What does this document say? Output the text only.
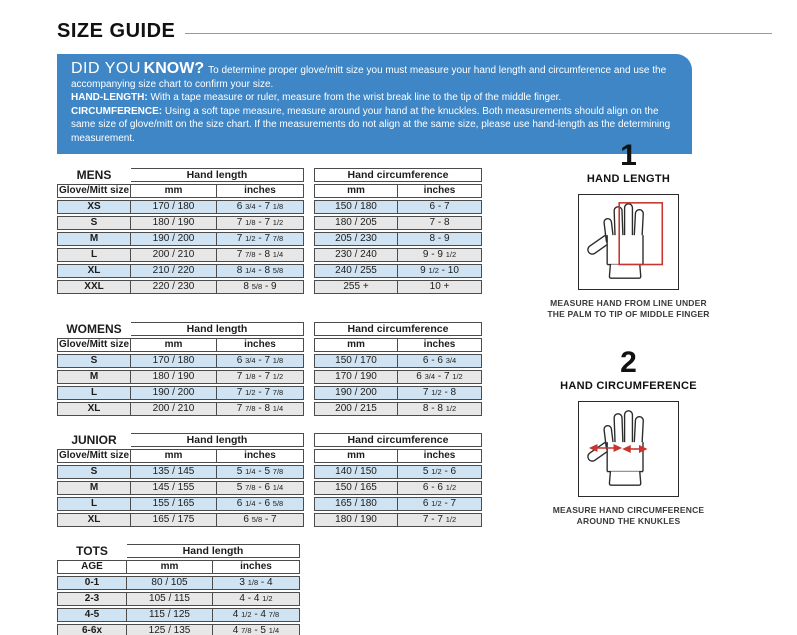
SIZE GUIDE

DID YOU KNOW? To determine proper glove/mitt size you must measure your hand length and circumference and use the accompanying size chart to confirm your size.

HAND-LENGTH: With a tape measure or ruler, measure from the wrist break line to the tip of the middle finger.

CIRCUMFERENCE: Using a soft tape measure, measure around your hand at the knuckles. Both measurements should align on the same size of glove/mitt on the size chart. If the measurements do not align at the same size, please use hand-length as the determining measurement.

MENS	Hand length	
Glove/Mitt size	mm	inches
XS	170 / 180	6 3/4 - 7 1/8
S	180 / 190	7 1/8 - 7 1/2
M	190 / 200	7 1/2 - 7 7/8
L	200 / 210	7 7/8 - 8 1/4
XL	210 / 220	8 1/4 - 8 5/8
XXL	220 / 230	8 5/8 - 9
Hand circumference	
mm	inches
150 / 180	6 - 7
180 / 205	7 - 8
205 / 230	8 - 9
230 / 240	9 - 9 1/2
240 / 255	9 1/2 - 10
255 +	10 +
WOMENS	Hand length	
Glove/Mitt size	mm	inches
S	170 / 180	6 3/4 - 7 1/8
M	180 / 190	7 1/8 - 7 1/2
L	190 / 200	7 1/2 - 7 7/8
XL	200 / 210	7 7/8 - 8 1/4
Hand circumference	
mm	inches
150 / 170	6 - 6 3/4
170 / 190	6 3/4 - 7 1/2
190 / 200	7 1/2 - 8
200 / 215	8 - 8 1/2
JUNIOR	Hand length	
Glove/Mitt size	mm	inches
S	135 / 145	5 1/4 - 5 7/8
M	145 / 155	5 7/8 - 6 1/4
L	155 / 165	6 1/4 - 6 5/8
XL	165 / 175	6 5/8 - 7
Hand circumference	
mm	inches
140 / 150	5 1/2 - 6
150 / 165	6 - 6 1/2
165 / 180	6 1/2 - 7
180 / 190	7 - 7 1/2
TOTS	Hand length	
AGE	mm	inches
0-1	80 / 105	3 1/8 - 4
2-3	105 / 115	4 - 4 1/2
4-5	115 / 125	4 1/2 - 4 7/8
6-6x	125 / 135	4 7/8 - 5 1/4
1
HAND LENGTH

MEASURE HAND FROM LINE UNDER THE PALM TO TIP OF MIDDLE FINGER

2
HAND CIRCUMFERENCE

MEASURE HAND CIRCUMFERENCE AROUND THE KNUKLES
